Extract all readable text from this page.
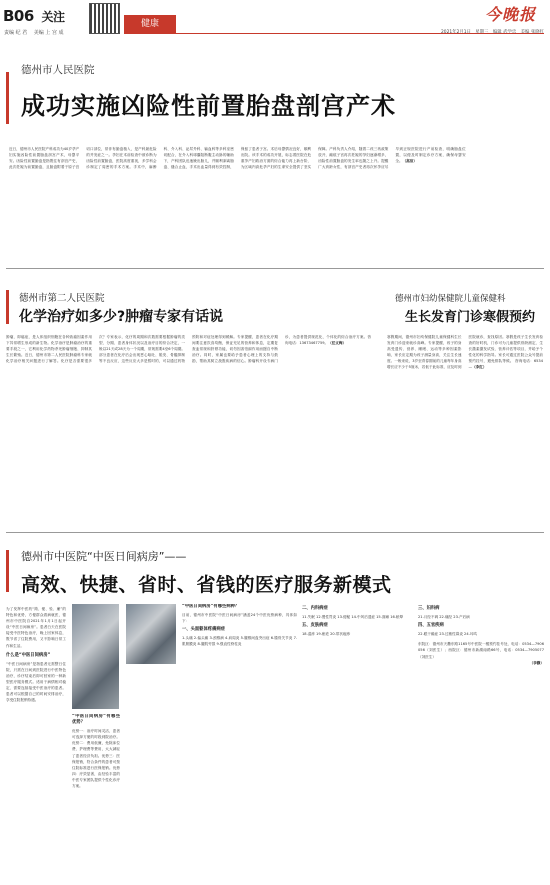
B06 关注
责编 纪 君 　美编 上 宫 成
健康	今晚报
德州市人民医院
成功实施凶险性前置胎盘剖宫产术
近日，德州市人民医院产科成功为40岁孕产妇实施凶险性前置胎盘剖宫产术，母婴平安。凶险性前置胎盘是指既往有剖宫产史，此次妊娠为前置胎盘，且胎盘附着于原子宫切口部位，常伴有胎盘植入，是产科最危险的并发症之一。孕妇在术前检查中被诊断为凶险性前置胎盘，医院高度重视，多学科会诊制定了周密的手术方案。手术中，麻醉科、介入科、泌尿外科、输血科等多科室密切配合，在介入科球囊阻断腹主动脉的辅助下，产科团队迅速娩出胎儿，并顺利剥离胎盘、缝合止血，手术出血量得到有效控制，保留了患者子宫。术后母婴情况良好，顺利出院。该手术的成功开展，标志着医院在危重孕产妇救治方面的综合能力再上新台阶，为区域内高危孕产妇的生命安全提供了坚实保障。产科负责人介绍，随着二孩三孩政策放开，瘢痕子宫再次妊娠的孕妇逐渐增多，凶险性前置胎盘的发生率也随之上升。提醒广大育龄女性，有剖宫产史者再次怀孕应尽早到正规医院进行产前检查，明确胎盘位置，以便及时制定诊疗方案，确保母婴安全。（高洁）
德州市第二人民医院
化学治疗如多少?肿瘤专家有话说
肿瘤，即癌症，是人体组织细胞在各种致癌因素作用下异常增生形成的新生物。化学治疗是肿瘤治疗的重要手段之一，它利用化学药物杀死肿瘤细胞、抑制其生长繁殖。近日，德州市第二人民医院肿瘤科专家就化学治疗相关问题进行了解答。化疗是否需要很多次？专家表示，化疗的周期和次数需要根据肿瘤的类型、分期、患者身体状况以及治疗目的综合决定，一般以21天或28天为一个周期，常规需要4至6个周期。部分患者在化疗后会出现恶心呕吐、脱发、骨髓抑制等不良反应，这些反应大多是暂时的，可以通过药物预防和对症处理得到缓解。专家提醒，患者在化疗期间要注意饮食均衡，保证充足的营养和休息，定期复查血常规和肝肾功能，切勿因害怕副作用而擅自中断治疗。同时，家属也要给予患者心理上的支持与鼓励，帮助其树立战胜疾病的信心。肿瘤科开设专病门诊，为患者提供规范化、个体化的综合治疗方案。咨询电话：13673467759。（任文梅）
德州市妇幼保健院儿童保健科
生长发育门诊寒假预约
寒假期间，德州市妇幼保健院儿童保健科生长发育门诊迎来就诊高峰。专家提醒，孩子的身高受遗传、营养、睡眠、运动等多种因素影响，家长应定期为孩子测量身高，关注生长速度。一般来说，3岁至青春期前的儿童每年身高增长应不少于5厘米，若低于此标准，应及时到医院就诊，查找原因。寒假是孩子生长发育检查的好时机，门诊可为儿童提供骨龄测定、生长激素激发试验、营养评估等项目，并给予个性化的科学指导。家长可通过医院公众号提前预约挂号，避免排队等候。 咨询电话：6534—（李红）
德州市中医院“中医日间病房”——
高效、快捷、省时、省钱的医疗服务新模式
为了发挥中医药“简、便、验、廉”的特色和优势，方便群众看病就医，德州市中医院自2021年1月1日起开设“中医日间病房”。患者白天在医院接受中医特色治疗，晚上回家休息，既节省了住院费用，又不影响日常工作和生活。
什么是“中医日间病房”
“中医日间病房”是指患者无需整日住院，只需在日间到医院进行中医特色治疗，诊疗结束后即可回家的一种新型医疗服务模式。适用于病情相对稳定、需要连续接受中医治疗的患者。患者可以根据自己的时间安排治疗，享受住院报销待遇。
“中医日间病房”有哪些优势？
优势一：治疗时间灵活，患者可选择方便的时段到院治疗。优势二：费用低廉，免除床位费、护理费等费用，大大减轻了患者经济负担。优势三：医保报销，符合条件的患者可按住院标准进行医保报销。优势四：疗效显著，由经验丰富的中医专家团队提供个性化诊疗方案。
“中医日间病房”有哪些病种？
目前，德州市中医院“中医日间病房”涵盖24个中医优势病种，具体如下：
一、头面躯体疼痛病症
1.头痛 2.偏头痛 3.颈椎病 4.肩周炎 5.腰椎间盘突出症 6.膝骨关节炎 7.肌筋膜炎 8.腰肌劳损 9.强直性脊柱炎
二、内科病症
11.失眠 12.慢性胃炎 13.便秘 14.中风后遗症 15.面瘫 16.眩晕
五、皮肤病症
18.湿疹 19.痤疮 20.带状疱疹
三、妇科病
21.月经不调 22.痛经 23.产后病
四、五官疾病
22.眼干燥症 23.过敏性鼻炎 24.耳鸣
东院区：德州市天衢东路1165号中医院一楼预约挂号处，电话：0534—7906056（刘医生）；西院区：德州市新湖南路66号，电话：0534—7905077（刘医生）
（李静）
